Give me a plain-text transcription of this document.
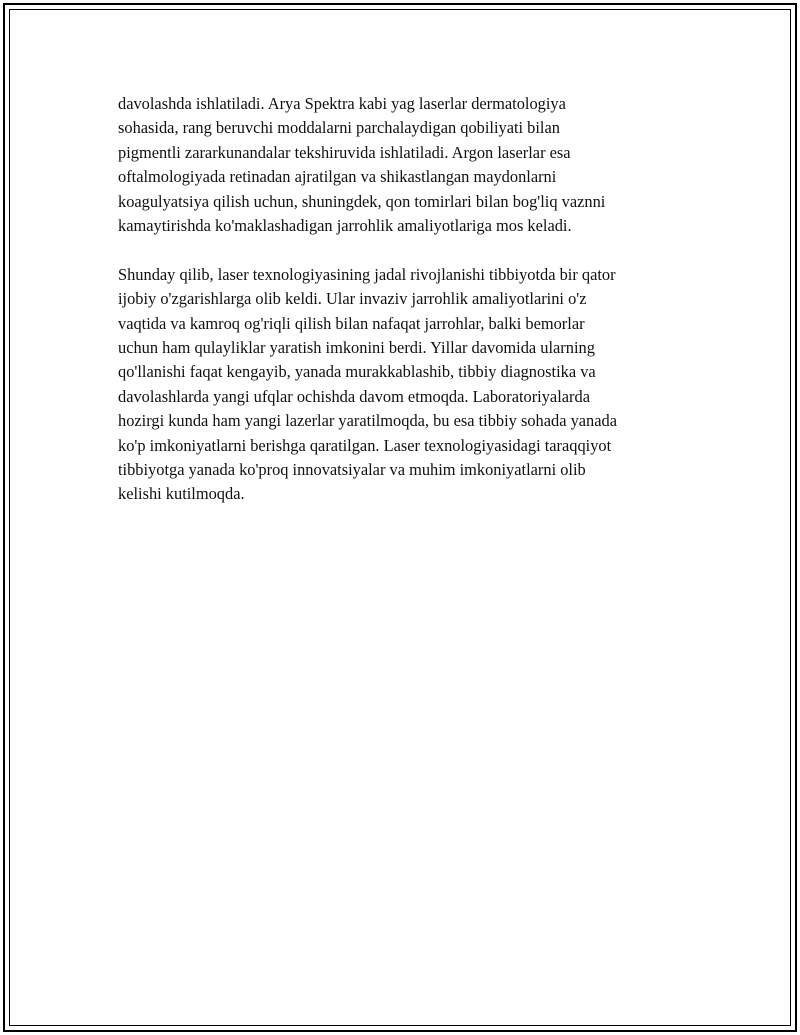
davolashda ishlatiladi. Arya Spektra kabi yag laserlar dermatologiya
sohasida, rang beruvchi moddalarni parchalaydigan qobiliyati bilan
pigmentli zararkunandalar tekshiruvida ishlatiladi. Argon laserlar esa
oftalmologiyada retinadan ajratilgan va shikastlangan maydonlarni
koagulyatsiya qilish uchun, shuningdek, qon tomirlari bilan bog'liq vaznni
kamaytirishda ko'maklashadigan jarrohlik amaliyotlariga mos keladi.

Shunday qilib, laser texnologiyasining jadal rivojlanishi tibbiyotda bir qator
ijobiy o'zgarishlarga olib keldi. Ular invaziv jarrohlik amaliyotlarini o'z
vaqtida va kamroq og'riqli qilish bilan nafaqat jarrohlar, balki bemorlar
uchun ham qulayliklar yaratish imkonini berdi. Yillar davomida ularning
qo'llanishi faqat kengayib, yanada murakkablashib, tibbiy diagnostika va
davolashlarda yangi ufqlar ochishda davom etmoqda. Laboratoriyalarda
hozirgi kunda ham yangi lazerlar yaratilmoqda, bu esa tibbiy sohada yanada
ko'p imkoniyatlarni berishga qaratilgan. Laser texnologiyasidagi taraqqiyot
tibbiyotga yanada ko'proq innovatsiyalar va muhim imkoniyatlarni olib
kelishi kutilmoqda.
